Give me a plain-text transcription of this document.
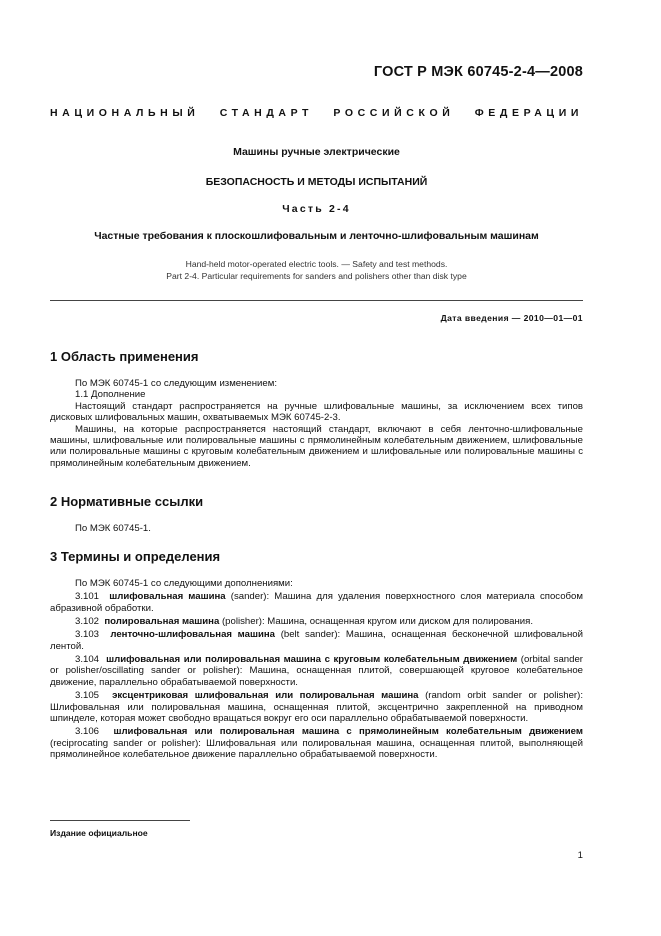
ГОСТ Р МЭК 60745-2-4—2008
НАЦИОНАЛЬНЫЙ СТАНДАРТ РОССИЙСКОЙ ФЕДЕРАЦИИ
Машины ручные электрические
БЕЗОПАСНОСТЬ И МЕТОДЫ ИСПЫТАНИЙ
Часть 2-4
Частные требования к плоскошлифовальным и ленточно-шлифовальным машинам
Hand-held motor-operated electric tools. — Safety and test methods.
Part 2-4. Particular requirements for sanders and polishers other than disk type
Дата введения — 2010—01—01
1 Область применения

По МЭК 60745-1 со следующим изменением:

1.1 Дополнение

Настоящий стандарт распространяется на ручные шлифовальные машины, за исключением всех типов дисковых шлифовальных машин, охватываемых МЭК 60745-2-3.

Машины, на которые распространяется настоящий стандарт, включают в себя ленточно-шлифовальные машины, шлифовальные или полировальные машины с прямолинейным колебательным движением, шлифовальные или полировальные машины с круговым колебательным движением и шлифовальные или полировальные машины с прямолинейным колебательным движением.

2 Нормативные ссылки

По МЭК 60745-1.

3 Термины и определения

По МЭК 60745-1 со следующими дополнениями:

3.101 шлифовальная машина (sander): Машина для удаления поверхностного слоя материала способом абразивной обработки.

3.102 полировальная машина (polisher): Машина, оснащенная кругом или диском для полирования.

3.103 ленточно-шлифовальная машина (belt sander): Машина, оснащенная бесконечной шлифовальной лентой.

3.104 шлифовальная или полировальная машина с круговым колебательным движением (orbital sander or polisher/oscillating sander or polisher): Машина, оснащенная плитой, совершающей круговое колебательное движение, параллельно обрабатываемой поверхности.

3.105 эксцентриковая шлифовальная или полировальная машина (random orbit sander or polisher): Шлифовальная или полировальная машина, оснащенная плитой, эксцентрично закрепленной на приводном шпинделе, которая может свободно вращаться вокруг его оси параллельно обрабатываемой поверхности.

3.106 шлифовальная или полировальная машина с прямолинейным колебательным движением (reciprocating sander or polisher): Шлифовальная или полировальная машина, оснащенная плитой, выполняющей прямолинейное колебательное движение параллельно обрабатываемой поверхности.

Издание официальное
1
